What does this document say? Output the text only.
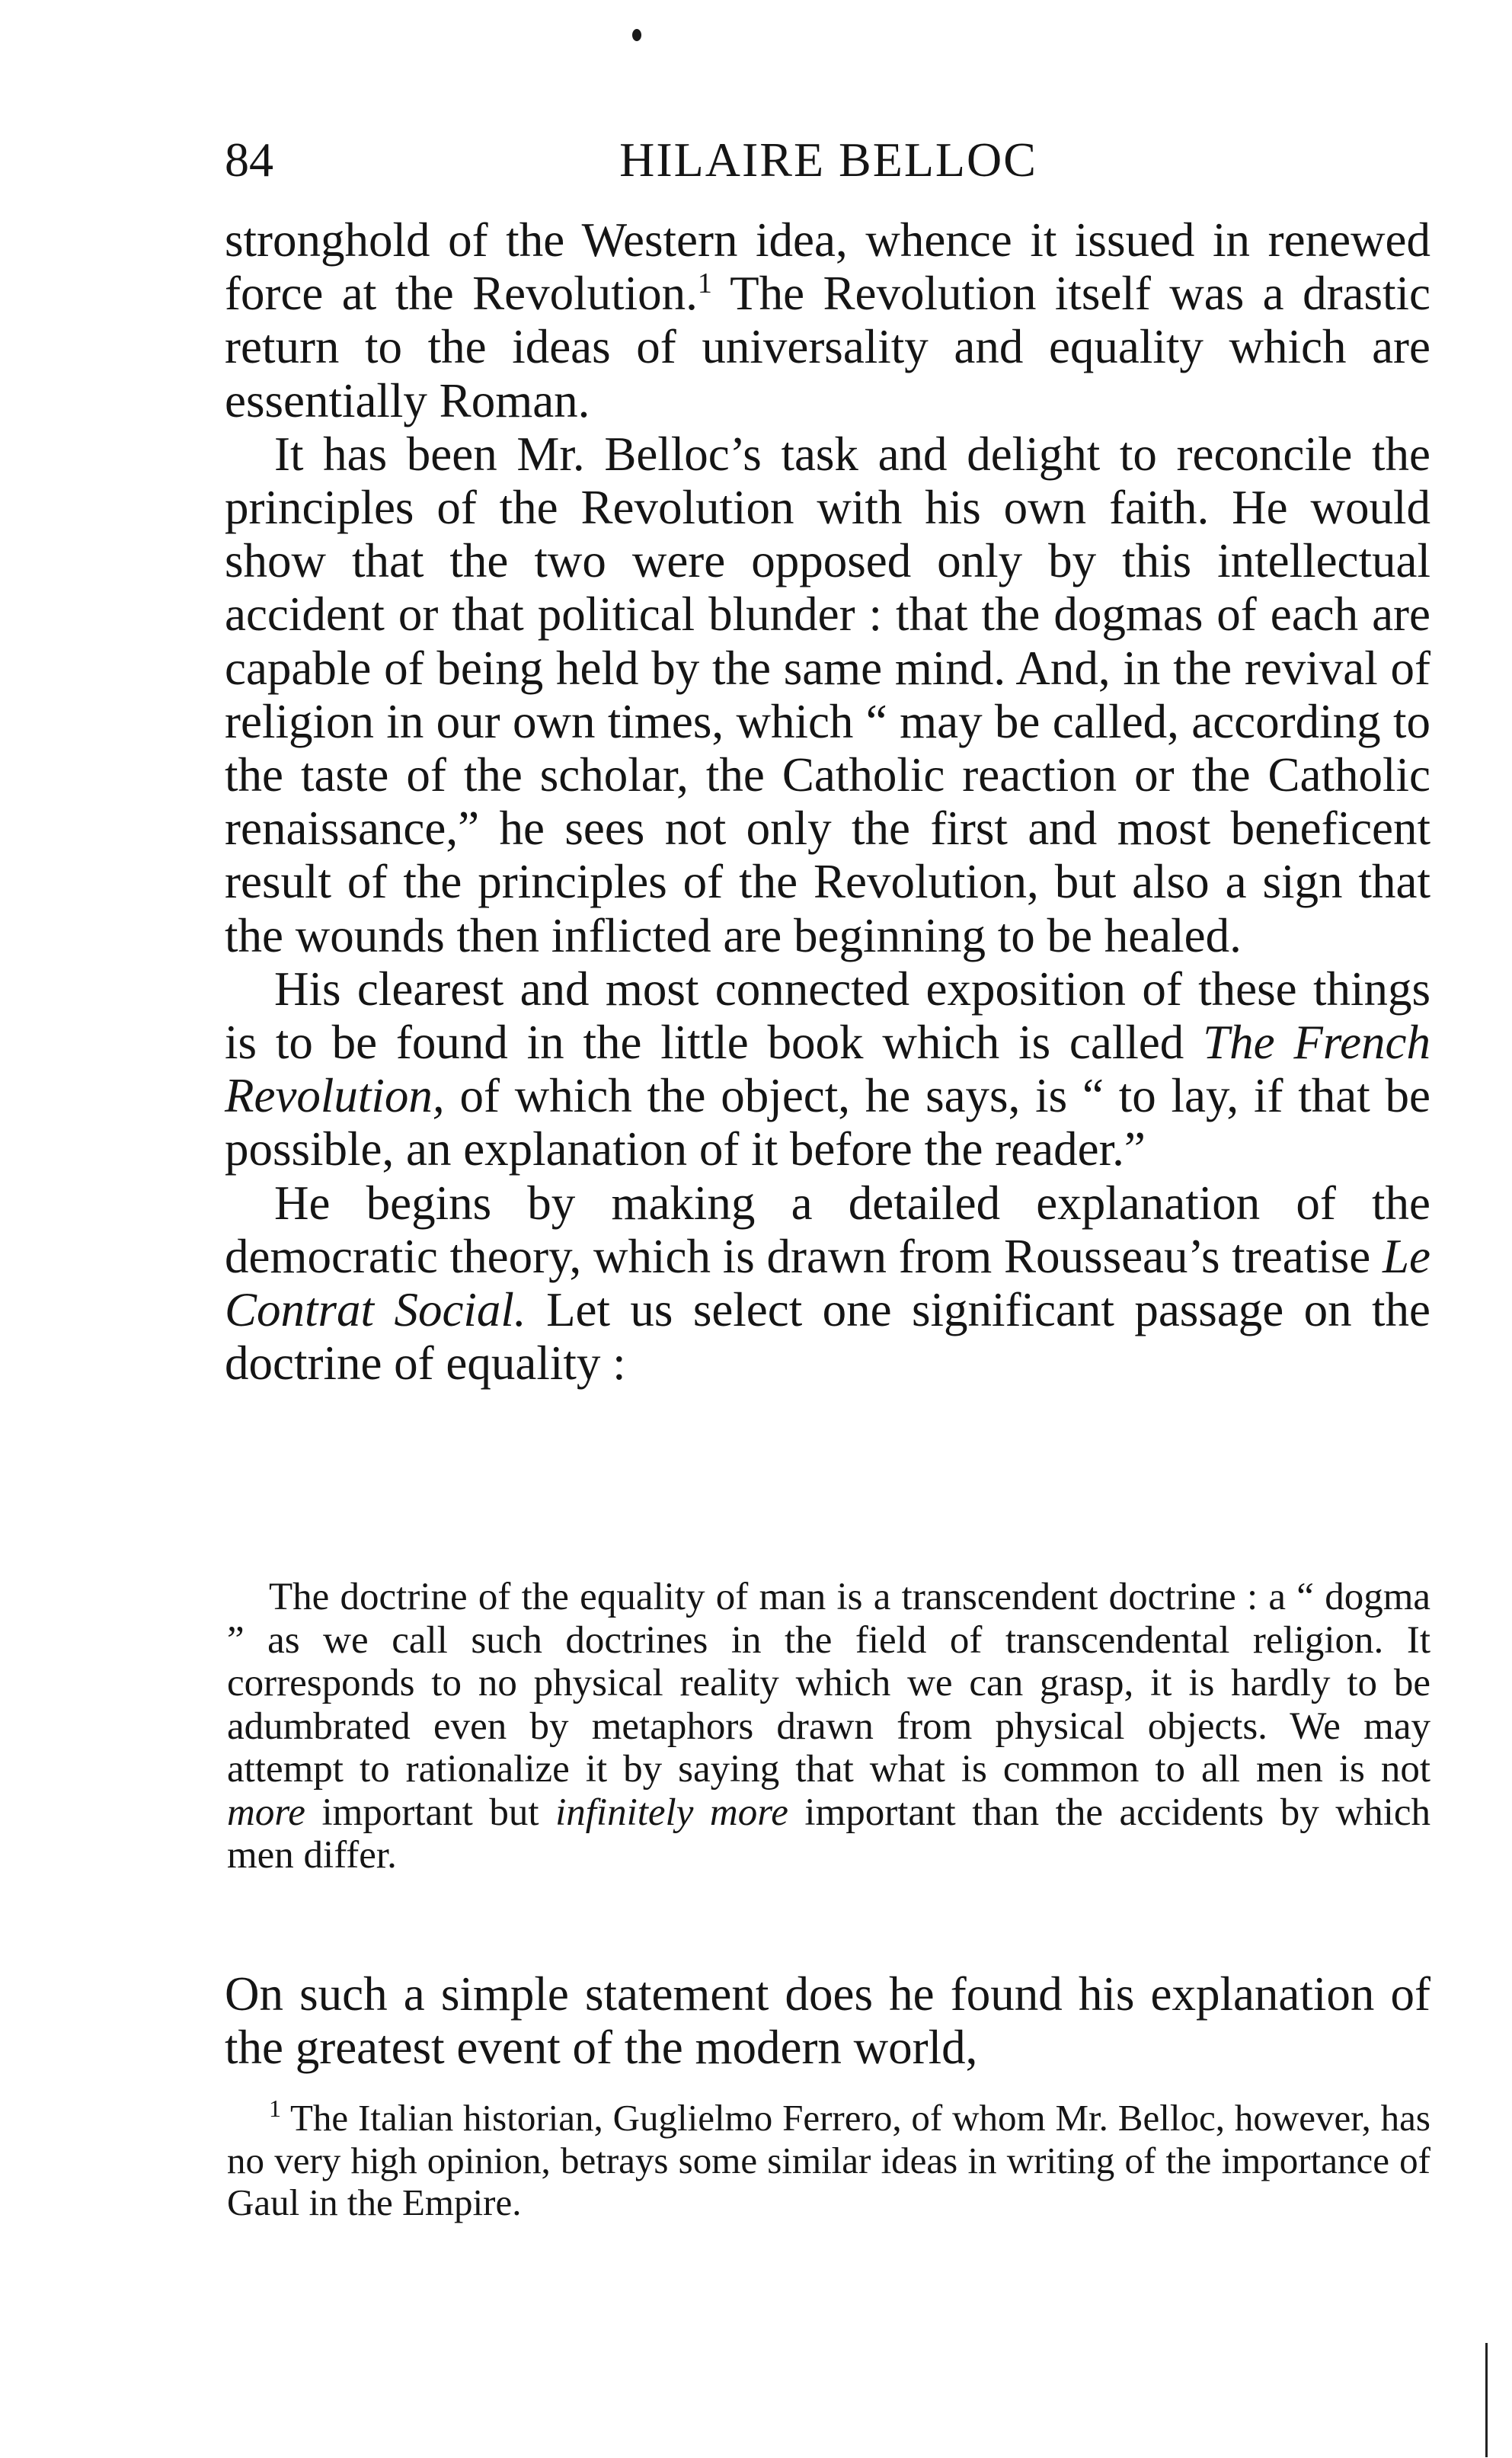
84	HILAIRE BELLOC

stronghold of the Western idea, whence it issued in renewed force at the Revolution.$^1$ The Revolution itself was a drastic return to the ideas of universality and equality which are essentially Roman.

It has been Mr. Belloc’s task and delight to reconcile the principles of the Revolution with his own faith. He would show that the two were opposed only by this intellectual accident or that political blunder : that the dogmas of each are capable of being held by the same mind. And, in the revival of religion in our own times, which “ may be called, according to the taste of the scholar, the Catholic reaction or the Catholic renaissance,” he sees not only the first and most beneficent result of the principles of the Revolution, but also a sign that the wounds then inflicted are beginning to be healed.

His clearest and most connected exposition of these things is to be found in the little book which is called The French Revolution, of which the object, he says, is “ to lay, if that be possible, an explanation of it before the reader.”

He begins by making a detailed explanation of the democratic theory, which is drawn from Rousseau’s treatise Le Contrat Social. Let us select one significant passage on the doctrine of equality :

The doctrine of the equality of man is a transcendent doctrine : a “ dogma ” as we call such doctrines in the field of transcendental religion. It corresponds to no physical reality which we can grasp, it is hardly to be adumbrated even by metaphors drawn from physical objects. We may attempt to rationalize it by saying that what is common to all men is not more important but infinitely more important than the accidents by which men differ.

On such a simple statement does he found his explanation of the greatest event of the modern world,

$^1$ The Italian historian, Guglielmo Ferrero, of whom Mr. Belloc, however, has no very high opinion, betrays some similar ideas in writing of the importance of Gaul in the Empire.
